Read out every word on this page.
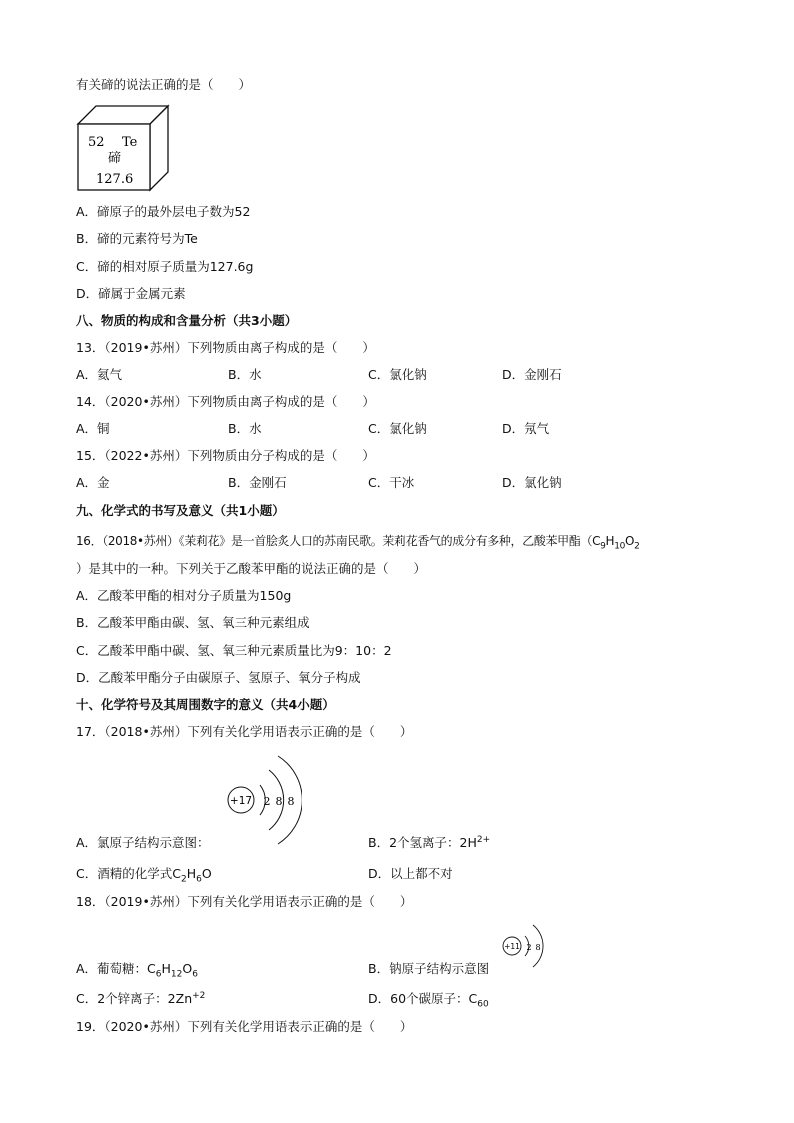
有关碲的说法正确的是（　　）
52 Te
碲
127.6
A．碲原子的最外层电子数为52
B．碲的元素符号为Te
C．碲的相对原子质量为127.6g
D．碲属于金属元素
八、物质的构成和含量分析（共3小题）
13．（2019•苏州）下列物质由离子构成的是（　　）
A．氦气	B．水	C．氯化钠	D．金刚石
14．（2020•苏州）下列物质由离子构成的是（　　）
A．铜	B．水	C．氯化钠	D．氖气
15．（2022•苏州）下列物质由分子构成的是（　　）
A．金	B．金刚石	C．干冰	D．氯化钠
九、化学式的书写及意义（共1小题）
16．（2018•苏州）《茉莉花》是一首脍炙人口的苏南民歌。茉莉花香气的成分有多种，乙酸苯甲酯（$C_9H_{10}O_2$
）是其中的一种。下列关于乙酸苯甲酯的说法正确的是（　　）
A．乙酸苯甲酯的相对分子质量为150g
B．乙酸苯甲酯由碳、氢、氧三种元素组成
C．乙酸苯甲酯中碳、氢、氧三种元素质量比为9：10：2
D．乙酸苯甲酯分子由碳原子、氢原子、氧分子构成
十、化学符号及其周围数字的意义（共4小题）
17．（2018•苏州）下列有关化学用语表示正确的是（　　）
+17 2 8 8
A．氯原子结构示意图：	B．2个氢离子：$2H^{2+}$
C．酒精的化学式$C_2H_6O$	D．以上都不对
18．（2019•苏州）下列有关化学用语表示正确的是（　　）
+11 2 8
A．葡萄糖：$C_6H_{12}O_6$	B．钠原子结构示意图
C．2个锌离子：$2Zn^{+2}$	D．60个碳原子：$C_{60}$
19．（2020•苏州）下列有关化学用语表示正确的是（　　）
